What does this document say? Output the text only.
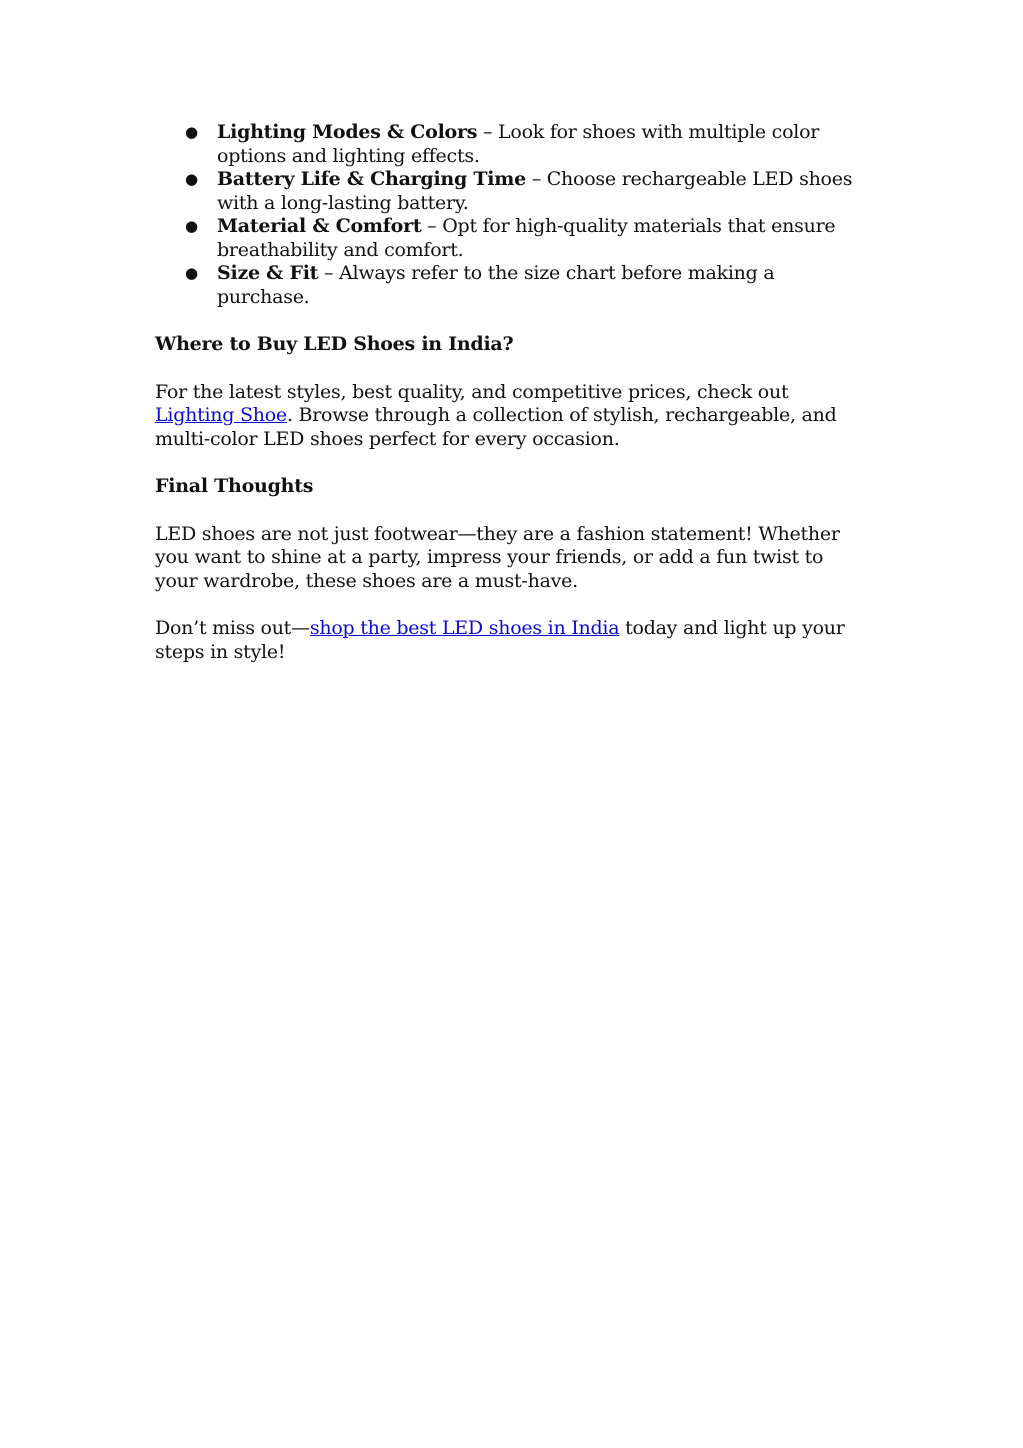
● Lighting Modes & Colors – Look for shoes with multiple color options and lighting effects.
● Battery Life & Charging Time – Choose rechargeable LED shoes with a long-lasting battery.
● Material & Comfort – Opt for high-quality materials that ensure breathability and comfort.
● Size & Fit – Always refer to the size chart before making a purchase.
Where to Buy LED Shoes in India?

For the latest styles, best quality, and competitive prices, check out Lighting Shoe. Browse through a collection of stylish, rechargeable, and multi-color LED shoes perfect for every occasion.

Final Thoughts

LED shoes are not just footwear—they are a fashion statement! Whether you want to shine at a party, impress your friends, or add a fun twist to your wardrobe, these shoes are a must-have.

Don’t miss out—shop the best LED shoes in India today and light up your steps in style!
